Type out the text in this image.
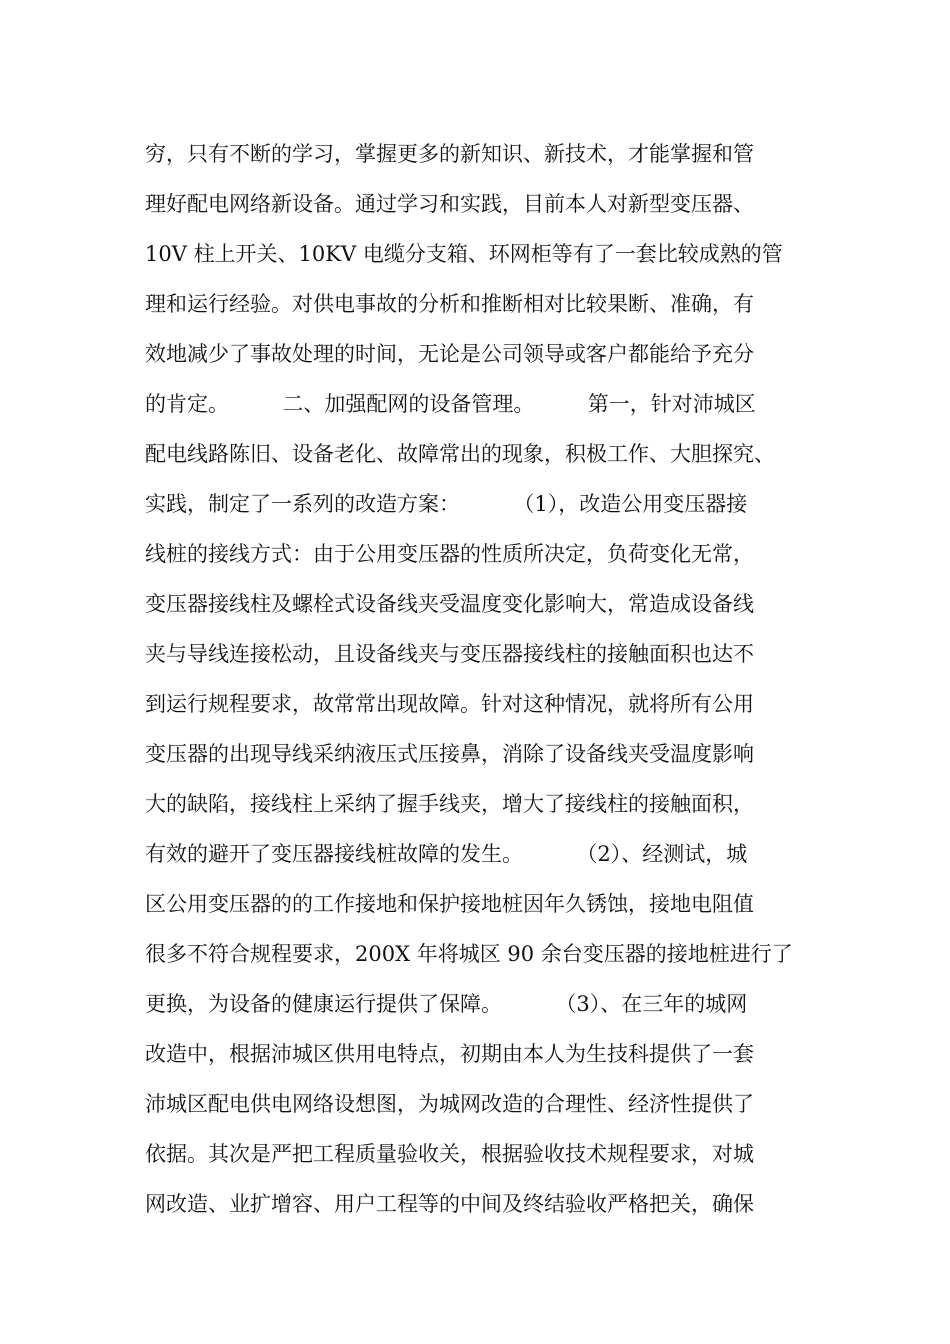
穷，只有不断的学习，掌握更多的新知识、新技术，才能掌握和管
理好配电网络新设备。通过学习和实践，目前本人对新型变压器、
10V 柱上开关、10KV 电缆分支箱、环网柜等有了一套比较成熟的管
理和运行经验。对供电事故的分析和推断相对比较果断、准确，有
效地减少了事故处理的时间，无论是公司领导或客户都能给予充分
的肯定。        二、加强配网的设备管理。        第一，针对沛城区
配电线路陈旧、设备老化、故障常出的现象，积极工作、大胆探究、
实践，制定了一系列的改造方案：        （1），改造公用变压器接
线桩的接线方式：由于公用变压器的性质所决定，负荷变化无常，
变压器接线柱及螺栓式设备线夹受温度变化影响大，常造成设备线
夹与导线连接松动，且设备线夹与变压器接线柱的接触面积也达不
到运行规程要求，故常常出现故障。针对这种情况，就将所有公用
变压器的出现导线采纳液压式压接鼻，消除了设备线夹受温度影响
大的缺陷，接线柱上采纳了握手线夹，增大了接线柱的接触面积，
有效的避开了变压器接线桩故障的发生。        （2）、经测试，城
区公用变压器的的工作接地和保护接地桩因年久锈蚀，接地电阻值
很多不符合规程要求，200X 年将城区 90 余台变压器的接地桩进行了
更换，为设备的健康运行提供了保障。        （3）、在三年的城网
改造中，根据沛城区供用电特点，初期由本人为生技科提供了一套
沛城区配电供电网络设想图，为城网改造的合理性、经济性提供了
依据。其次是严把工程质量验收关，根据验收技术规程要求，对城
网改造、业扩增容、用户工程等的中间及终结验收严格把关，确保
